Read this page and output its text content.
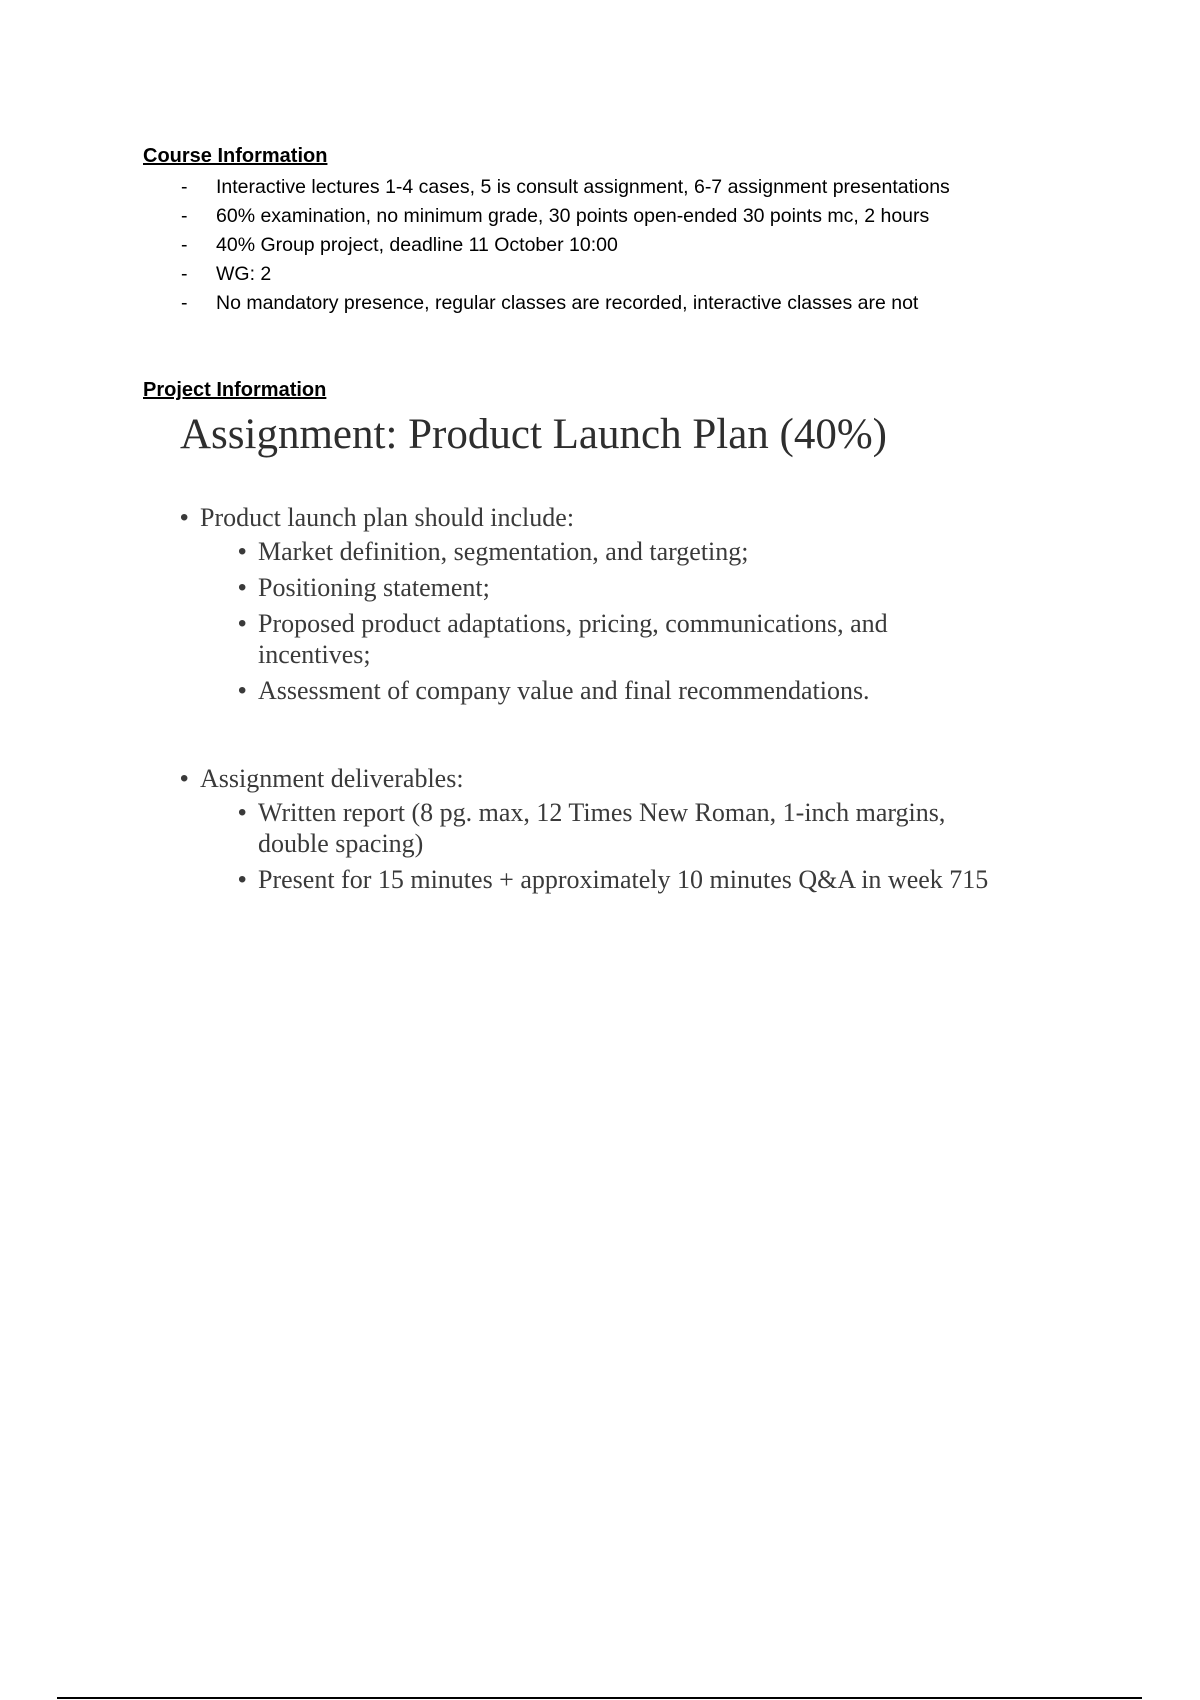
Course Information

- Interactive lectures 1-4 cases, 5 is consult assignment, 6-7 assignment presentations
- 60% examination, no minimum grade, 30 points open-ended 30 points mc, 2 hours
- 40% Group project, deadline 11 October 10:00
- WG: 2
- No mandatory presence, regular classes are recorded, interactive classes are not

Project Information

Assignment: Product Launch Plan (40%)
• Product launch plan should include:
• Market definition, segmentation, and targeting;
• Positioning statement;
• Proposed product adaptations, pricing, communications, and incentives;
• Assessment of company value and final recommendations.
• Assignment deliverables:
• Written report (8 pg. max, 12 Times New Roman, 1-inch margins, double spacing)
• Present for 15 minutes + approximately 10 minutes Q&A in week 715
